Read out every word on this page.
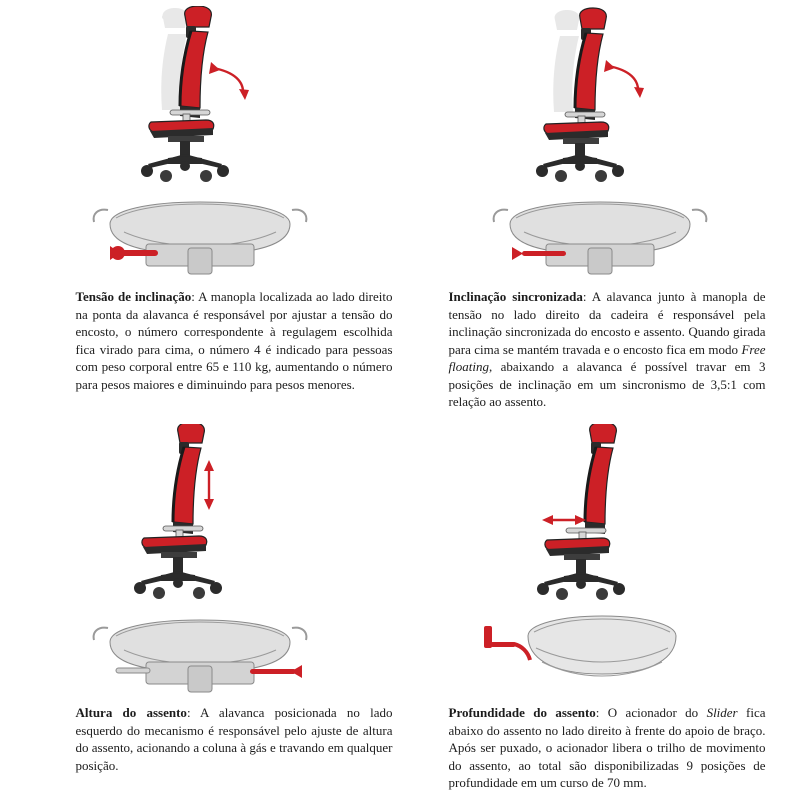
Tensão de inclinação: A manopla localizada ao lado direito na ponta da alavanca é responsável por ajustar a tensão do encosto, o número correspondente à regulagem escolhida fica virado para cima, o número 4 é indicado para pessoas com peso corporal entre 65 e 110 kg, aumentando o número para pesos maiores e diminuindo para pesos menores.

Inclinação sincronizada: A alavanca junto à manopla de tensão no lado direito da cadeira é responsável pela inclinação sincronizada do encosto e assento. Quando girada para cima se mantém travada e o encosto fica em modo Free floating, abaixando a alavanca é possível travar em 3 posições de inclinação em um sincronismo de 3,5:1 com relação ao assento.

Altura do assento: A alavanca posicionada no lado esquerdo do mecanismo é responsável pelo ajuste de altura do assento, acionando a coluna à gás e travando em qualquer posição.

Profundidade do assento: O acionador do Slider fica abaixo do assento no lado direito à frente do apoio de braço. Após ser puxado, o acionador libera o trilho de movimento do assento, ao total são disponibilizadas 9 posições de profundidade em um curso de 70 mm.
